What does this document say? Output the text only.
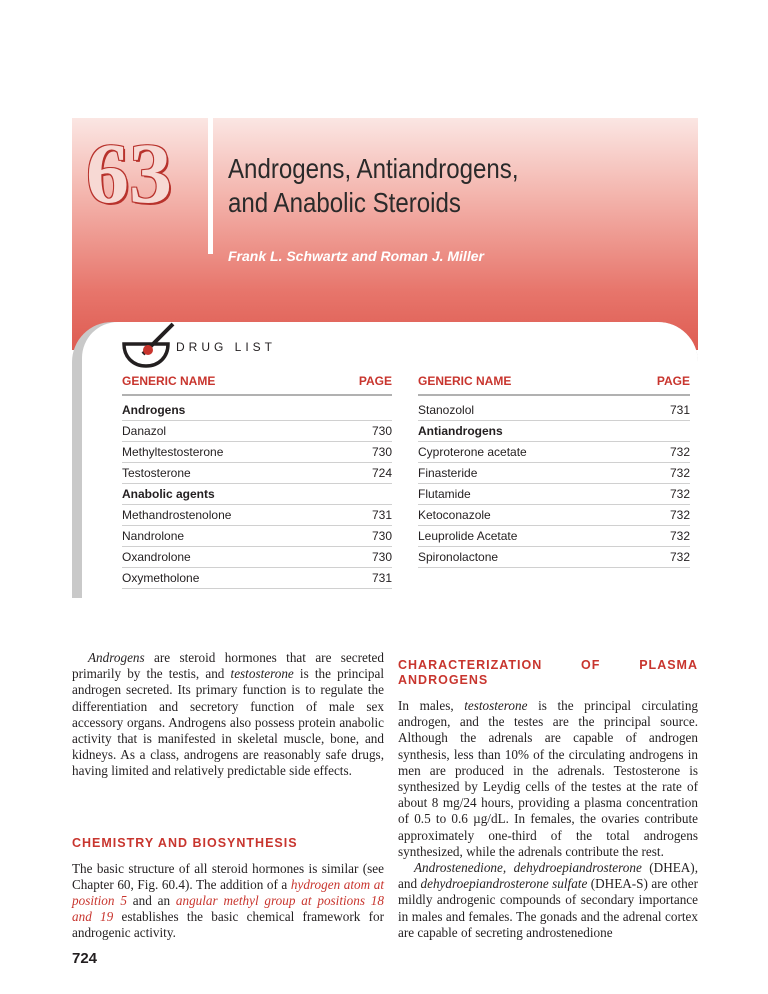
63	Androgens, Antiandrogens,
and Anabolic Steroids
Frank L. Schwartz and Roman J. Miller
DRUG LIST
GENERIC NAME	PAGE
Androgens
Danazol	730
Methyltestosterone	730
Testosterone	724
Anabolic agents
Methandrostenolone	731
Nandrolone	730
Oxandrolone	730
Oxymetholone	731
GENERIC NAME	PAGE
Stanozolol	731
Antiandrogens
Cyproterone acetate	732
Finasteride	732
Flutamide	732
Ketoconazole	732
Leuprolide Acetate	732
Spironolactone	732

Androgens are steroid hormones that are secreted primarily by the testis, and testosterone is the principal androgen secreted. Its primary function is to regulate the differentiation and secretory function of male sex accessory organs. Androgens also possess protein anabolic activity that is manifested in skeletal muscle, bone, and kidneys. As a class, androgens are reasonably safe drugs, having limited and relatively predictable side effects.

CHEMISTRY AND BIOSYNTHESIS

The basic structure of all steroid hormones is similar (see Chapter 60, Fig. 60.4). The addition of a hydrogen atom at position 5 and an angular methyl group at positions 18 and 19 establishes the basic chemical framework for androgenic activity.

CHARACTERIZATION OF PLASMA ANDROGENS

In males, testosterone is the principal circulating androgen, and the testes are the principal source. Although the adrenals are capable of androgen synthesis, less than 10% of the circulating androgens in men are produced in the adrenals. Testosterone is synthesized by Leydig cells of the testes at the rate of about 8 mg/24 hours, providing a plasma concentration of 0.5 to 0.6 µg/dL. In females, the ovaries contribute approximately one-third of the total androgens synthesized, while the adrenals contribute the rest.

Androstenedione, dehydroepiandrosterone (DHEA), and dehydroepiandrosterone sulfate (DHEA-S) are other mildly androgenic compounds of secondary importance in males and females. The gonads and the adrenal cortex are capable of secreting androstenedione

724
